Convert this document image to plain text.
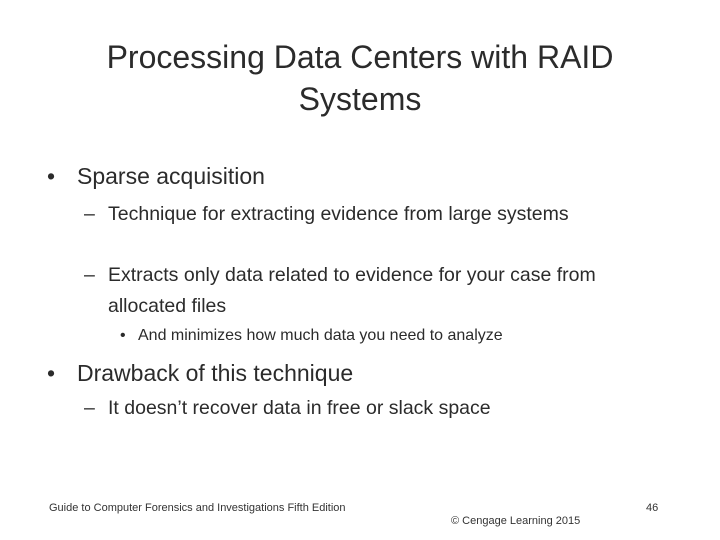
Processing Data Centers with RAID Systems
• Sparse acquisition
– Technique for extracting evidence from large systems
– Extracts only data related to evidence for your case from allocated files
• And minimizes how much data you need to analyze
• Drawback of this technique
– It doesn’t recover data in free or slack space
Guide to Computer Forensics and Investigations Fifth Edition
© Cengage Learning 2015
46
